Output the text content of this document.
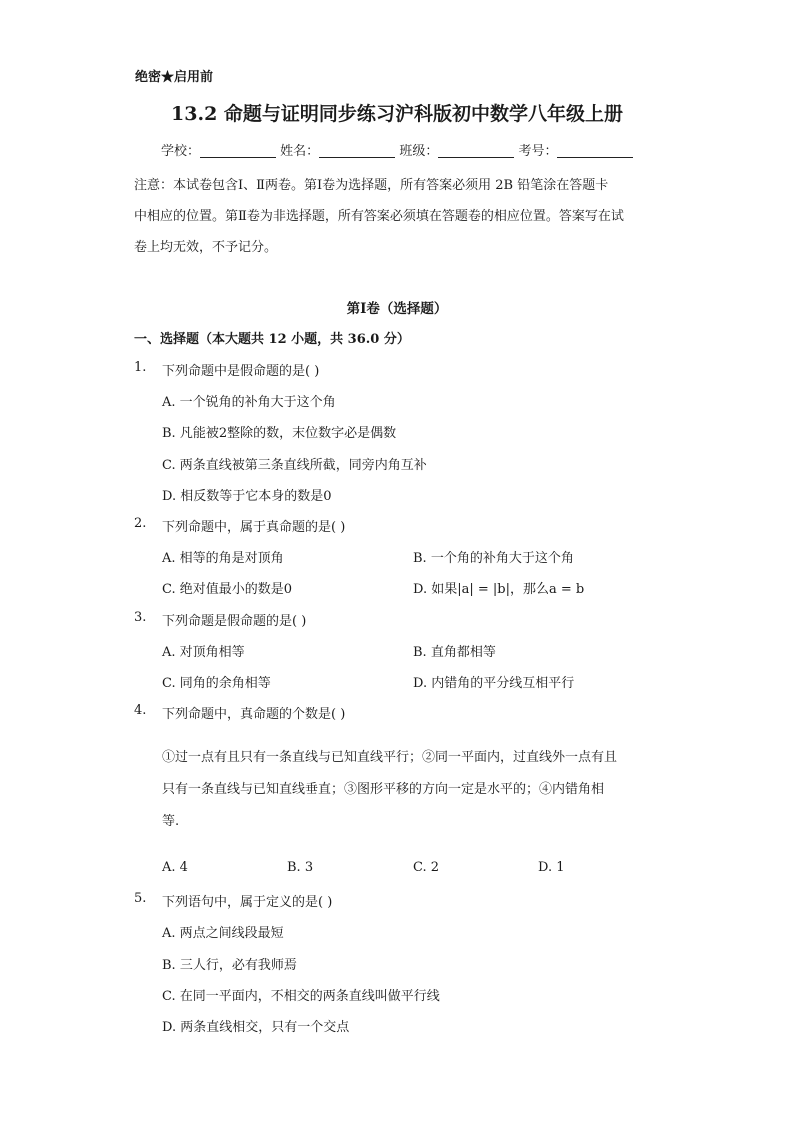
绝密★启用前
13.2 命题与证明同步练习沪科版初中数学八年级上册
学校：	姓名：	班级：	考号：
注意：本试卷包含Ⅰ、Ⅱ两卷。第Ⅰ卷为选择题，所有答案必须用 2B 铅笔涂在答题卡
中相应的位置。第Ⅱ卷为非选择题，所有答案必须填在答题卷的相应位置。答案写在试
卷上均无效，不予记分。
第Ⅰ卷（选择题）
一、选择题（本大题共 12 小题，共 36.0 分）
1. 下列命题中是假命题的是( )
A. 一个锐角的补角大于这个角
B. 凡能被2整除的数，末位数字必是偶数
C. 两条直线被第三条直线所截，同旁内角互补
D. 相反数等于它本身的数是0
2. 下列命题中，属于真命题的是( )
A. 相等的角是对顶角	B. 一个角的补角大于这个角
C. 绝对值最小的数是0	D. 如果|a| = |b|，那么a = b
3. 下列命题是假命题的是( )
A. 对顶角相等	B. 直角都相等
C. 同角的余角相等	D. 内错角的平分线互相平行
4. 下列命题中，真命题的个数是( )
①过一点有且只有一条直线与已知直线平行；②同一平面内，过直线外一点有且
只有一条直线与已知直线垂直；③图形平移的方向一定是水平的；④内错角相
等.
A. 4	B. 3	C. 2	D. 1
5. 下列语句中，属于定义的是( )
A. 两点之间线段最短
B. 三人行，必有我师焉
C. 在同一平面内，不相交的两条直线叫做平行线
D. 两条直线相交，只有一个交点
